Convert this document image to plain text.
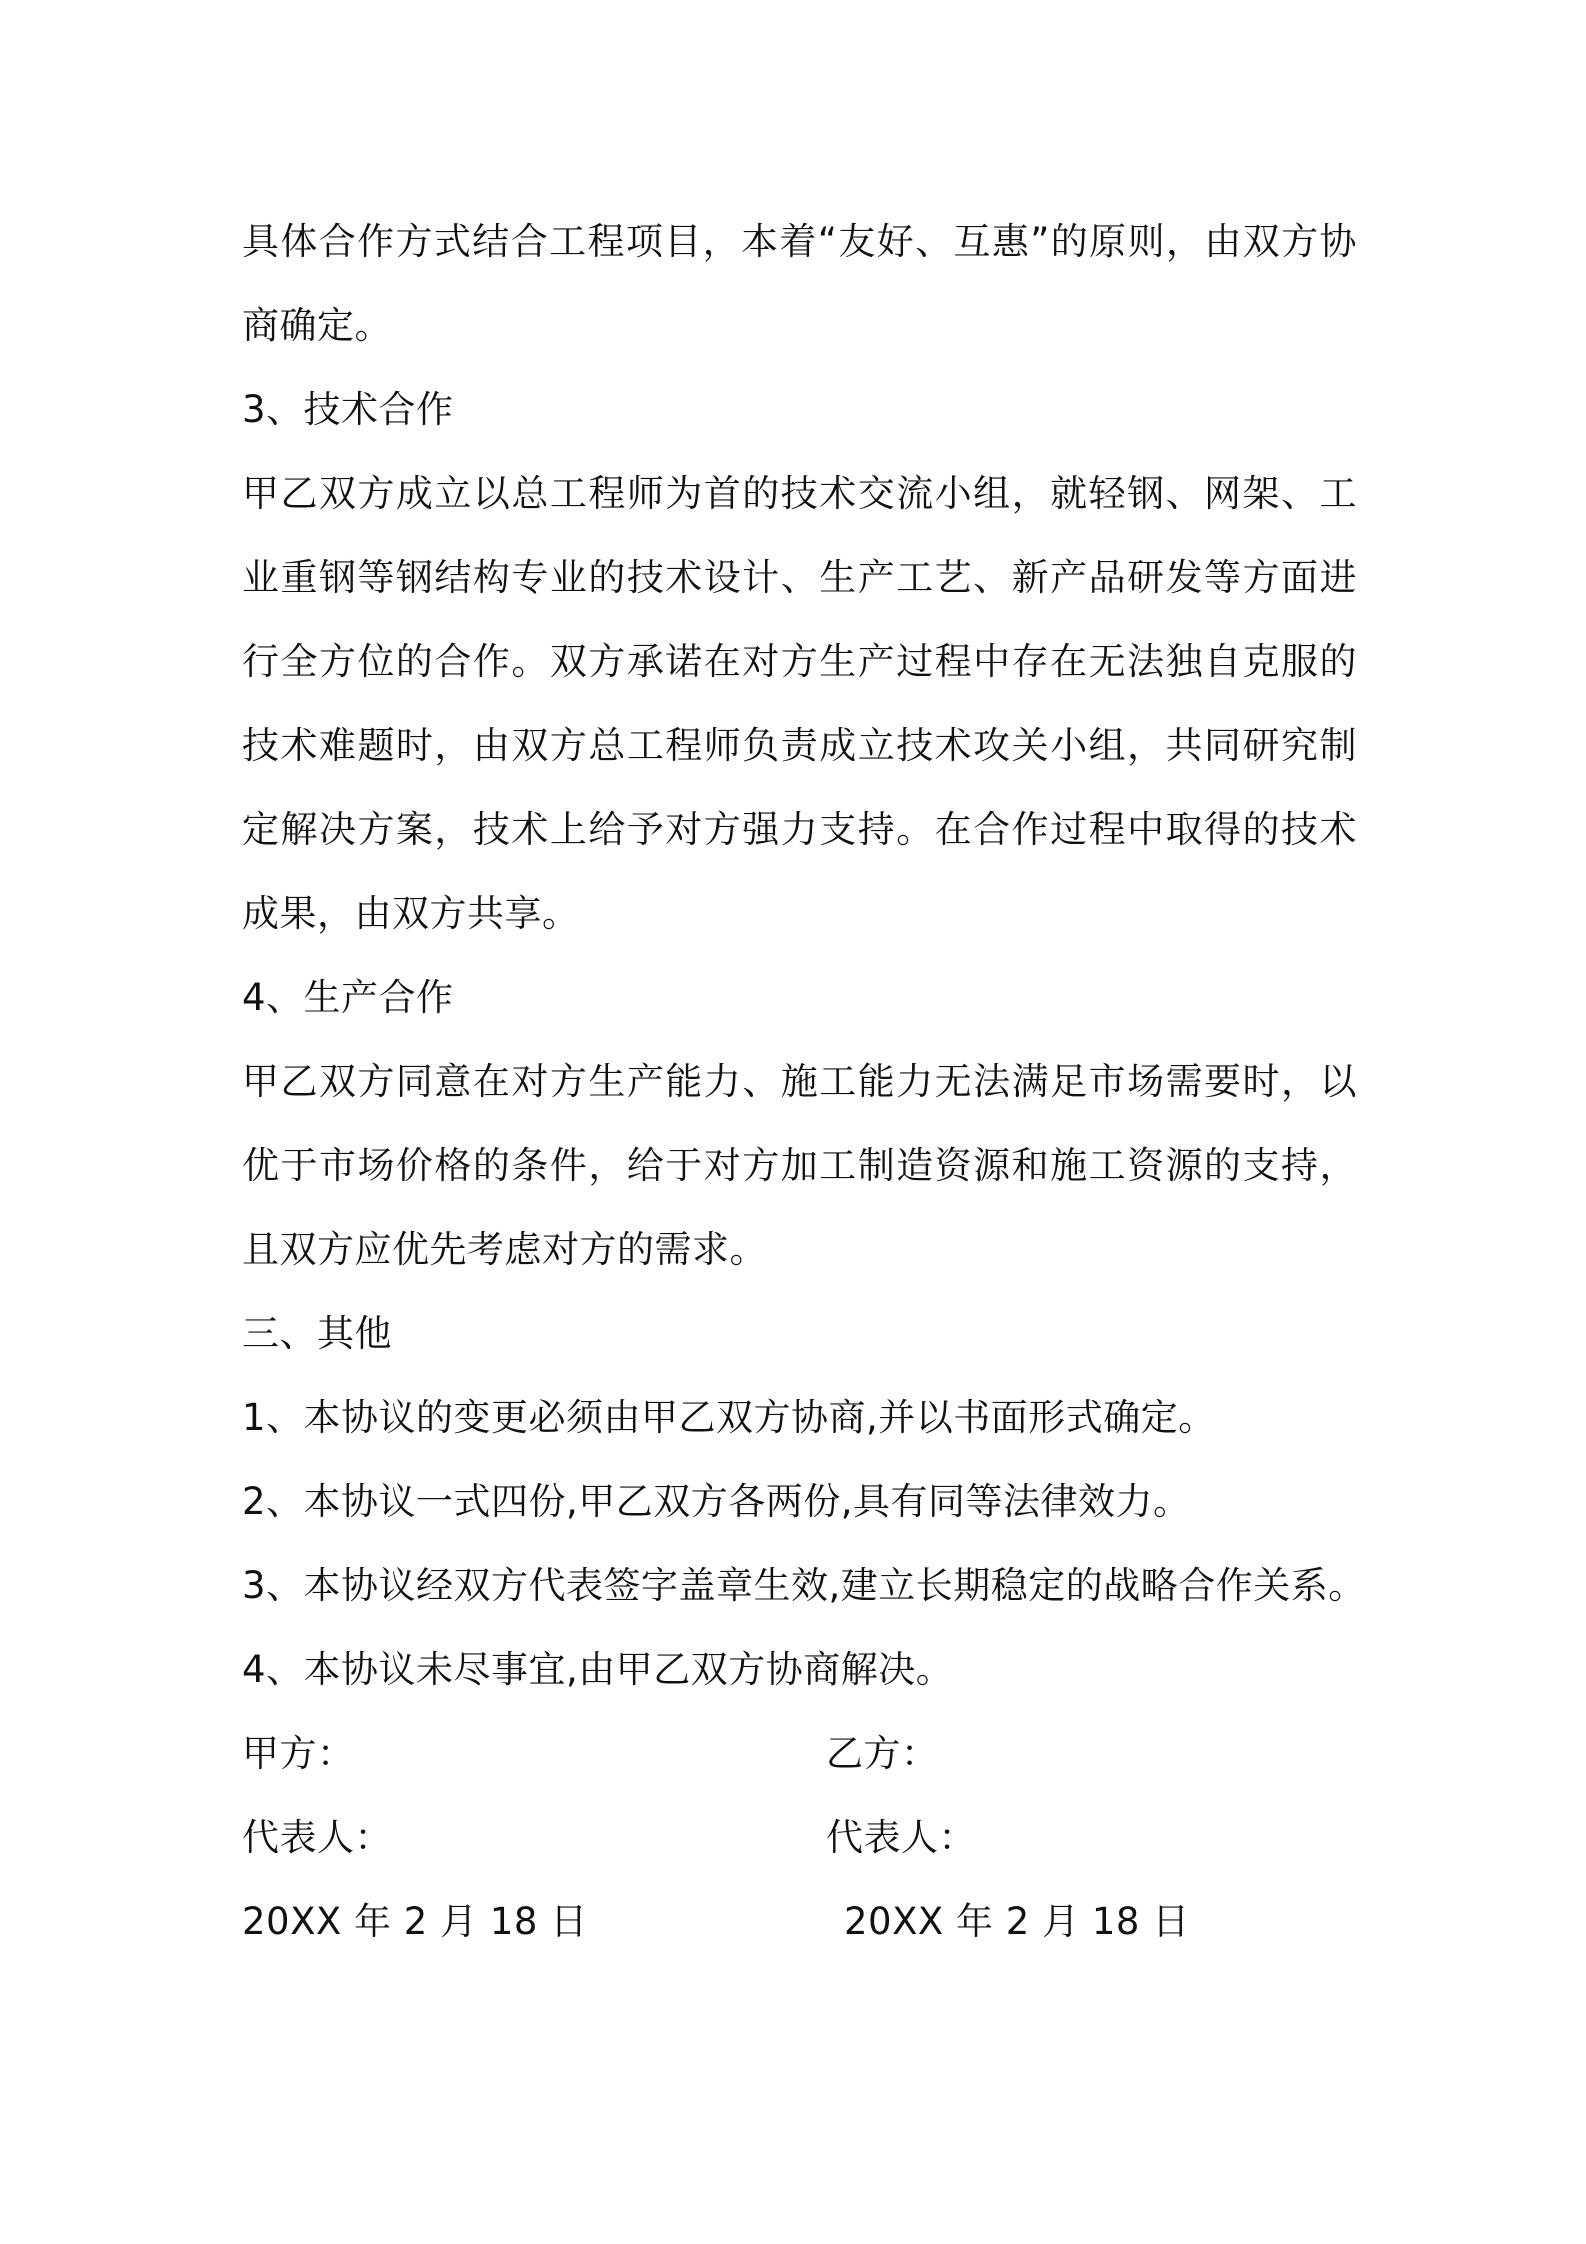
具体合作方式结合工程项目，本着“友好、互惠”的原则，由双方协商确定。

3、技术合作

甲乙双方成立以总工程师为首的技术交流小组，就轻钢、网架、工业重钢等钢结构专业的技术设计、生产工艺、新产品研发等方面进行全方位的合作。双方承诺在对方生产过程中存在无法独自克服的技术难题时，由双方总工程师负责成立技术攻关小组，共同研究制定解决方案，技术上给予对方强力支持。在合作过程中取得的技术成果，由双方共享。

4、生产合作

甲乙双方同意在对方生产能力、施工能力无法满足市场需要时，以优于市场价格的条件，给于对方加工制造资源和施工资源的支持，且双方应优先考虑对方的需求。

三、其他

1、本协议的变更必须由甲乙双方协商,并以书面形式确定。

2、本协议一式四份,甲乙双方各两份,具有同等法律效力。

3、本协议经双方代表签字盖章生效,建立长期稳定的战略合作关系。

4、本协议未尽事宜,由甲乙双方协商解决。

甲方：	乙方：
代表人：	代表人：
20XX 年 2 月 18 日	20XX 年 2 月 18 日
